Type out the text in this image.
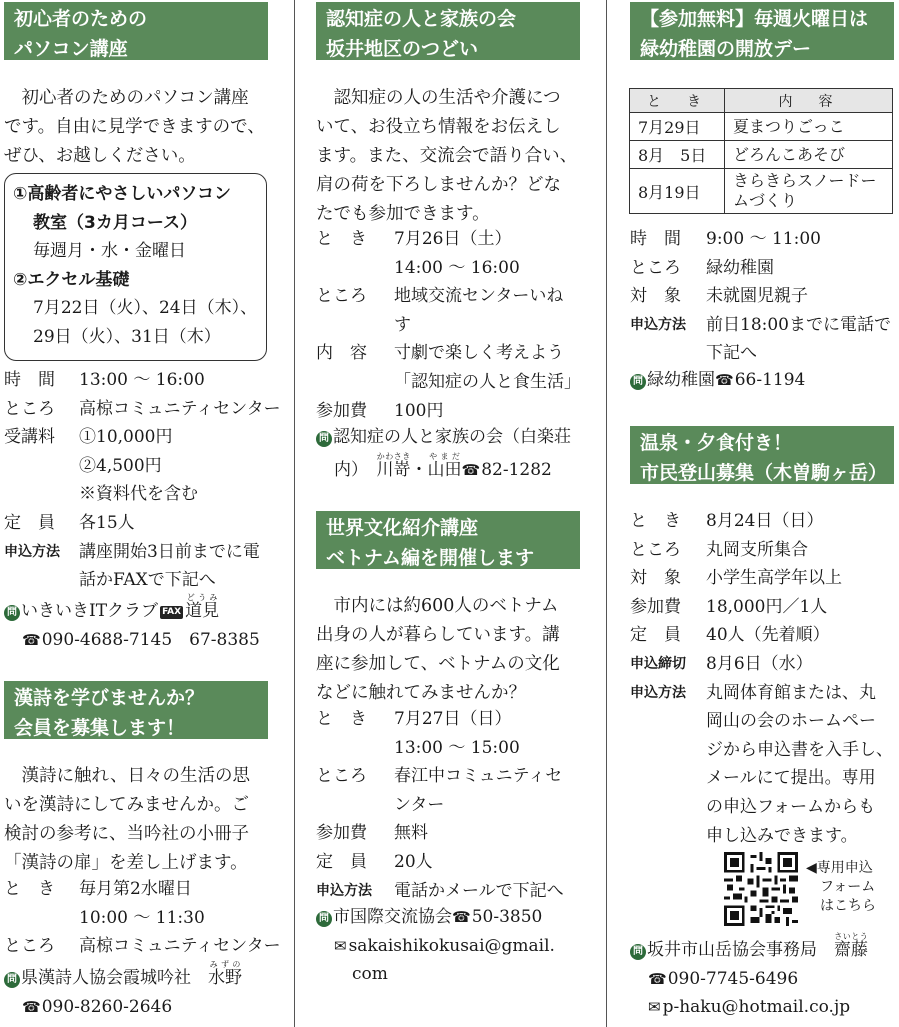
初心者のための
パソコン講座
初心者のためのパソコン講座
です。自由に見学できますので、
ぜひ、お越しください。
①高齢者にやさしいパソコン
教室（3カ月コース）
毎週月・水・金曜日
②エクセル基礎
7月22日（火）、24日（木）、
29日（火）、31日（木）
時　間	13:00 ～ 16:00
ところ	高椋コミュニティセンター
受講料	①10,000円
②4,500円
※資料代を含む
定　員	各15人
申込方法	講座開始3日前までに電
話かFAXで下記へ
問 いきいきITクラブ FAX 道見どうみ
☎090-4688-7145　 67-8385
漢詩を学びませんか？
会員を募集します！
漢詩に触れ、日々の生活の思
いを漢詩にしてみませんか。ご
検討の参考に、当吟社の小冊子
「漢詩の扉」を差し上げます。
と　き	毎月第2水曜日
10:00 ～ 11:30
ところ	高椋コミュニティセンター
問 県漢詩人協会霞城吟社　 水野みずの
☎090-8260-2646
認知症の人と家族の会
坂井地区のつどい
認知症の人の生活や介護につ
いて、お役立ち情報をお伝えし
ます。また、交流会で語り合い、
肩の荷を下ろしませんか？どな
たでも参加できます。
と　き	7月26日（土）
14:00 ～ 16:00
ところ	地域交流センターいね
す
内　容	寸劇で楽しく考えよう
「認知症の人と食生活」
参加費	100円
問 認知症の人と家族の会（白楽荘
内）　 川嵜かわさき・山田やまだ☎82-1282
世界文化紹介講座
ベトナム編を開催します
市内には約600人のベトナム
出身の人が暮らしています。講
座に参加して、ベトナムの文化
などに触れてみませんか？
と　き	7月27日（日）
13:00 ～ 15:00
ところ	春江中コミュニティセ
ンター
参加費	無料
定　員	20人
申込方法	電話かメールで下記へ
問 市国際交流協会☎50-3850
✉ sakaishikokusai@gmail.
com
【参加無料】毎週火曜日は
緑幼稚園の開放デー
と　き	内　容
7月29日	夏まつりごっこ

8月　5日	どろんこあそび

8月19日	きらきらスノードー
ムづくり
時　間	9:00 ～ 11:00
ところ	緑幼稚園
対　象	未就園児親子
申込方法	前日18:00までに電話で
下記へ
問 緑幼稚園☎66-1194
温泉・夕食付き！
市民登山募集（木曽駒ヶ岳）
と　き	8月24日（日）
ところ	丸岡支所集合
対　象	小学生高学年以上
参加費	18,000円／1人
定　員	40人（先着順）
申込締切	8月6日（水）
申込方法	丸岡体育館または、丸
岡山の会のホームペー
ジから申込書を入手し、
メールにて提出。専用
の申込フォームからも
申し込みできます。
◀専用申込
フォーム
はこちら
問 坂井市山岳協会事務局　 齋藤さいとう
☎090-7745-6496
✉ p-haku@hotmail.co.jp
